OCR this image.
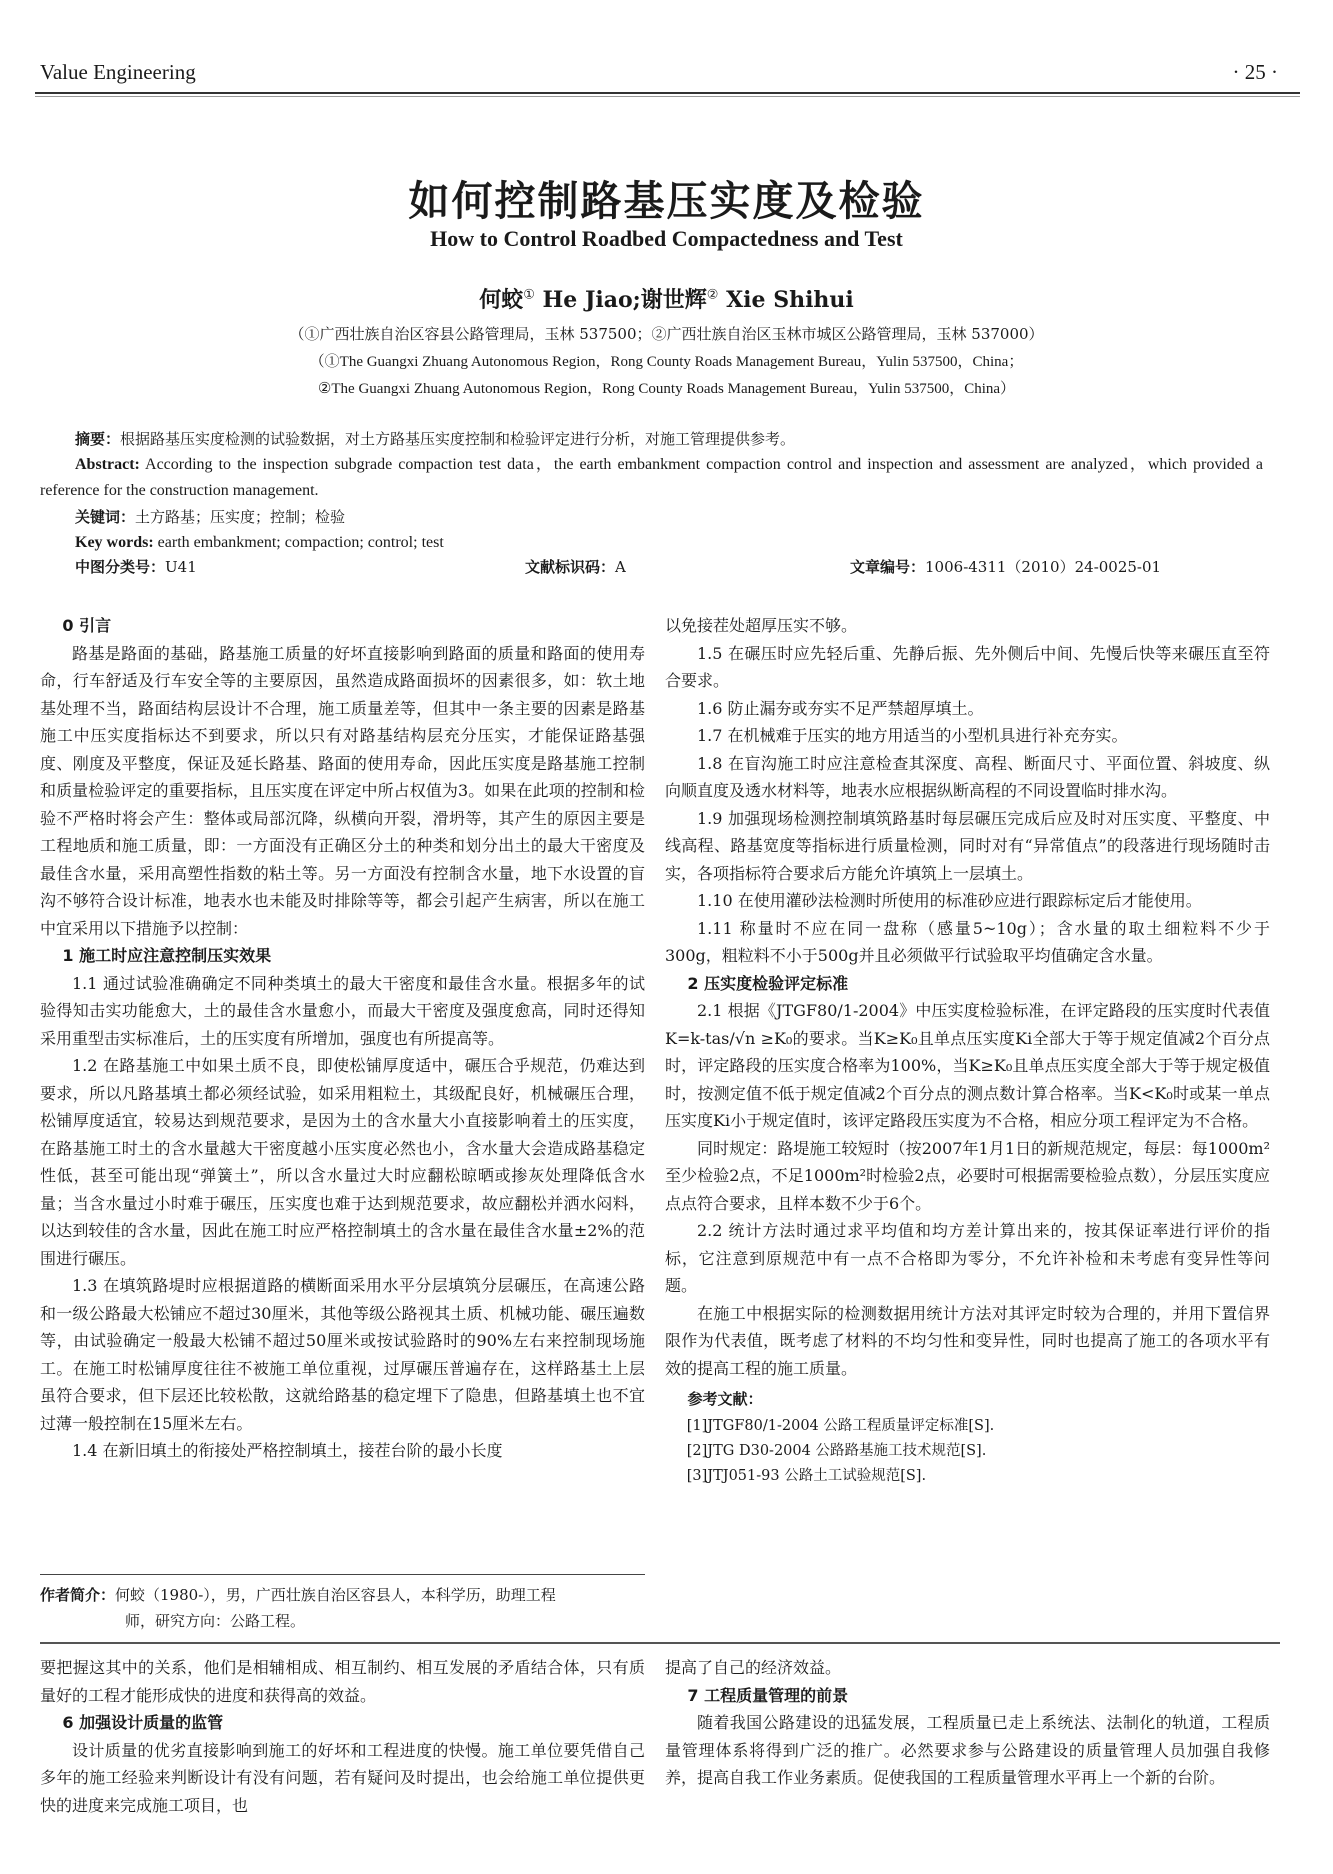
Value Engineering	· 25 ·
如何控制路基压实度及检验
How to Control Roadbed Compactedness and Test
何蛟① He Jiao;谢世辉② Xie Shihui
（①广西壮族自治区容县公路管理局，玉林 537500；②广西壮族自治区玉林市城区公路管理局，玉林 537000）
（①The Guangxi Zhuang Autonomous Region，Rong County Roads Management Bureau，Yulin 537500，China；
②The Guangxi Zhuang Autonomous Region，Rong County Roads Management Bureau，Yulin 537500，China）
摘要：根据路基压实度检测的试验数据，对土方路基压实度控制和检验评定进行分析，对施工管理提供参考。
Abstract: According to the inspection subgrade compaction test data，the earth embankment compaction control and inspection and assessment are analyzed，which provided a reference for the construction management.
关键词：土方路基；压实度；控制；检验
Key words: earth embankment; compaction; control; test
中图分类号：U41	文献标识码：A	文章编号：1006-4311（2010）24-0025-01
0 引言

路基是路面的基础，路基施工质量的好坏直接影响到路面的质量和路面的使用寿命，行车舒适及行车安全等的主要原因，虽然造成路面损坏的因素很多，如：软土地基处理不当，路面结构层设计不合理，施工质量差等，但其中一条主要的因素是路基施工中压实度指标达不到要求，所以只有对路基结构层充分压实，才能保证路基强度、刚度及平整度，保证及延长路基、路面的使用寿命，因此压实度是路基施工控制和质量检验评定的重要指标，且压实度在评定中所占权值为3。如果在此项的控制和检验不严格时将会产生：整体或局部沉降，纵横向开裂，滑坍等，其产生的原因主要是工程地质和施工质量，即：一方面没有正确区分土的种类和划分出土的最大干密度及最佳含水量，采用高塑性指数的粘土等。另一方面没有控制含水量，地下水设置的盲沟不够符合设计标准，地表水也未能及时排除等等，都会引起产生病害，所以在施工中宜采用以下措施予以控制：

1 施工时应注意控制压实效果

1.1 通过试验准确确定不同种类填土的最大干密度和最佳含水量。根据多年的试验得知击实功能愈大，土的最佳含水量愈小，而最大干密度及强度愈高，同时还得知采用重型击实标准后，土的压实度有所增加，强度也有所提高等。

1.2 在路基施工中如果土质不良，即使松铺厚度适中，碾压合乎规范，仍难达到要求，所以凡路基填土都必须经试验，如采用粗粒土，其级配良好，机械碾压合理，松铺厚度适宜，较易达到规范要求，是因为土的含水量大小直接影响着土的压实度，在路基施工时土的含水量越大干密度越小压实度必然也小，含水量大会造成路基稳定性低，甚至可能出现“弹簧土”，所以含水量过大时应翻松晾晒或掺灰处理降低含水量；当含水量过小时难于碾压，压实度也难于达到规范要求，故应翻松并洒水闷料，以达到较佳的含水量，因此在施工时应严格控制填土的含水量在最佳含水量±2%的范围进行碾压。

1.3 在填筑路堤时应根据道路的横断面采用水平分层填筑分层碾压，在高速公路和一级公路最大松铺应不超过30厘米，其他等级公路视其土质、机械功能、碾压遍数等，由试验确定一般最大松铺不超过50厘米或按试验路时的90%左右来控制现场施工。在施工时松铺厚度往往不被施工单位重视，过厚碾压普遍存在，这样路基土上层虽符合要求，但下层还比较松散，这就给路基的稳定埋下了隐患，但路基填土也不宜过薄一般控制在15厘米左右。

1.4 在新旧填土的衔接处严格控制填土，接茬台阶的最小长度

以免接茬处超厚压实不够。

1.5 在碾压时应先轻后重、先静后振、先外侧后中间、先慢后快等来碾压直至符合要求。

1.6 防止漏夯或夯实不足严禁超厚填土。

1.7 在机械难于压实的地方用适当的小型机具进行补充夯实。

1.8 在盲沟施工时应注意检查其深度、高程、断面尺寸、平面位置、斜坡度、纵向顺直度及透水材料等，地表水应根据纵断高程的不同设置临时排水沟。

1.9 加强现场检测控制填筑路基时每层碾压完成后应及时对压实度、平整度、中线高程、路基宽度等指标进行质量检测，同时对有“异常值点”的段落进行现场随时击实，各项指标符合要求后方能允许填筑上一层填土。

1.10 在使用灌砂法检测时所使用的标准砂应进行跟踪标定后才能使用。

1.11 称量时不应在同一盘称（感量5~10g）；含水量的取土细粒料不少于300g，粗粒料不小于500g并且必须做平行试验取平均值确定含水量。

2 压实度检验评定标准

2.1 根据《JTGF80/1-2004》中压实度检验标准，在评定路段的压实度时代表值K=k-tas/√n ≥K₀的要求。当K≥K₀且单点压实度Ki全部大于等于规定值减2个百分点时，评定路段的压实度合格率为100%，当K≥K₀且单点压实度全部大于等于规定极值时，按测定值不低于规定值减2个百分点的测点数计算合格率。当K<K₀时或某一单点压实度Ki小于规定值时，该评定路段压实度为不合格，相应分项工程评定为不合格。

同时规定：路堤施工较短时（按2007年1月1日的新规范规定，每层：每1000m²至少检验2点，不足1000m²时检验2点，必要时可根据需要检验点数），分层压实度应点点符合要求，且样本数不少于6个。

2.2 统计方法时通过求平均值和均方差计算出来的，按其保证率进行评价的指标，它注意到原规范中有一点不合格即为零分，不允许补检和未考虑有变异性等问题。

在施工中根据实际的检测数据用统计方法对其评定时较为合理的，并用下置信界限作为代表值，既考虑了材料的不均匀性和变异性，同时也提高了施工的各项水平有效的提高工程的施工质量。

参考文献：
[1]JTGF80/1-2004 公路工程质量评定标准[S].
[2]JTG D30-2004 公路路基施工技术规范[S].
[3]JTJ051-93 公路土工试验规范[S].
作者简介：何蛟（1980-），男，广西壮族自治区容县人，本科学历，助理工程
师，研究方向：公路工程。

要把握这其中的关系，他们是相辅相成、相互制约、相互发展的矛盾结合体，只有质量好的工程才能形成快的进度和获得高的效益。

6 加强设计质量的监管

设计质量的优劣直接影响到施工的好坏和工程进度的快慢。施工单位要凭借自己多年的施工经验来判断设计有没有问题，若有疑问及时提出，也会给施工单位提供更快的进度来完成施工项目，也

提高了自己的经济效益。

7 工程质量管理的前景

随着我国公路建设的迅猛发展，工程质量已走上系统法、法制化的轨道，工程质量管理体系将得到广泛的推广。必然要求参与公路建设的质量管理人员加强自我修养，提高自我工作业务素质。促使我国的工程质量管理水平再上一个新的台阶。
